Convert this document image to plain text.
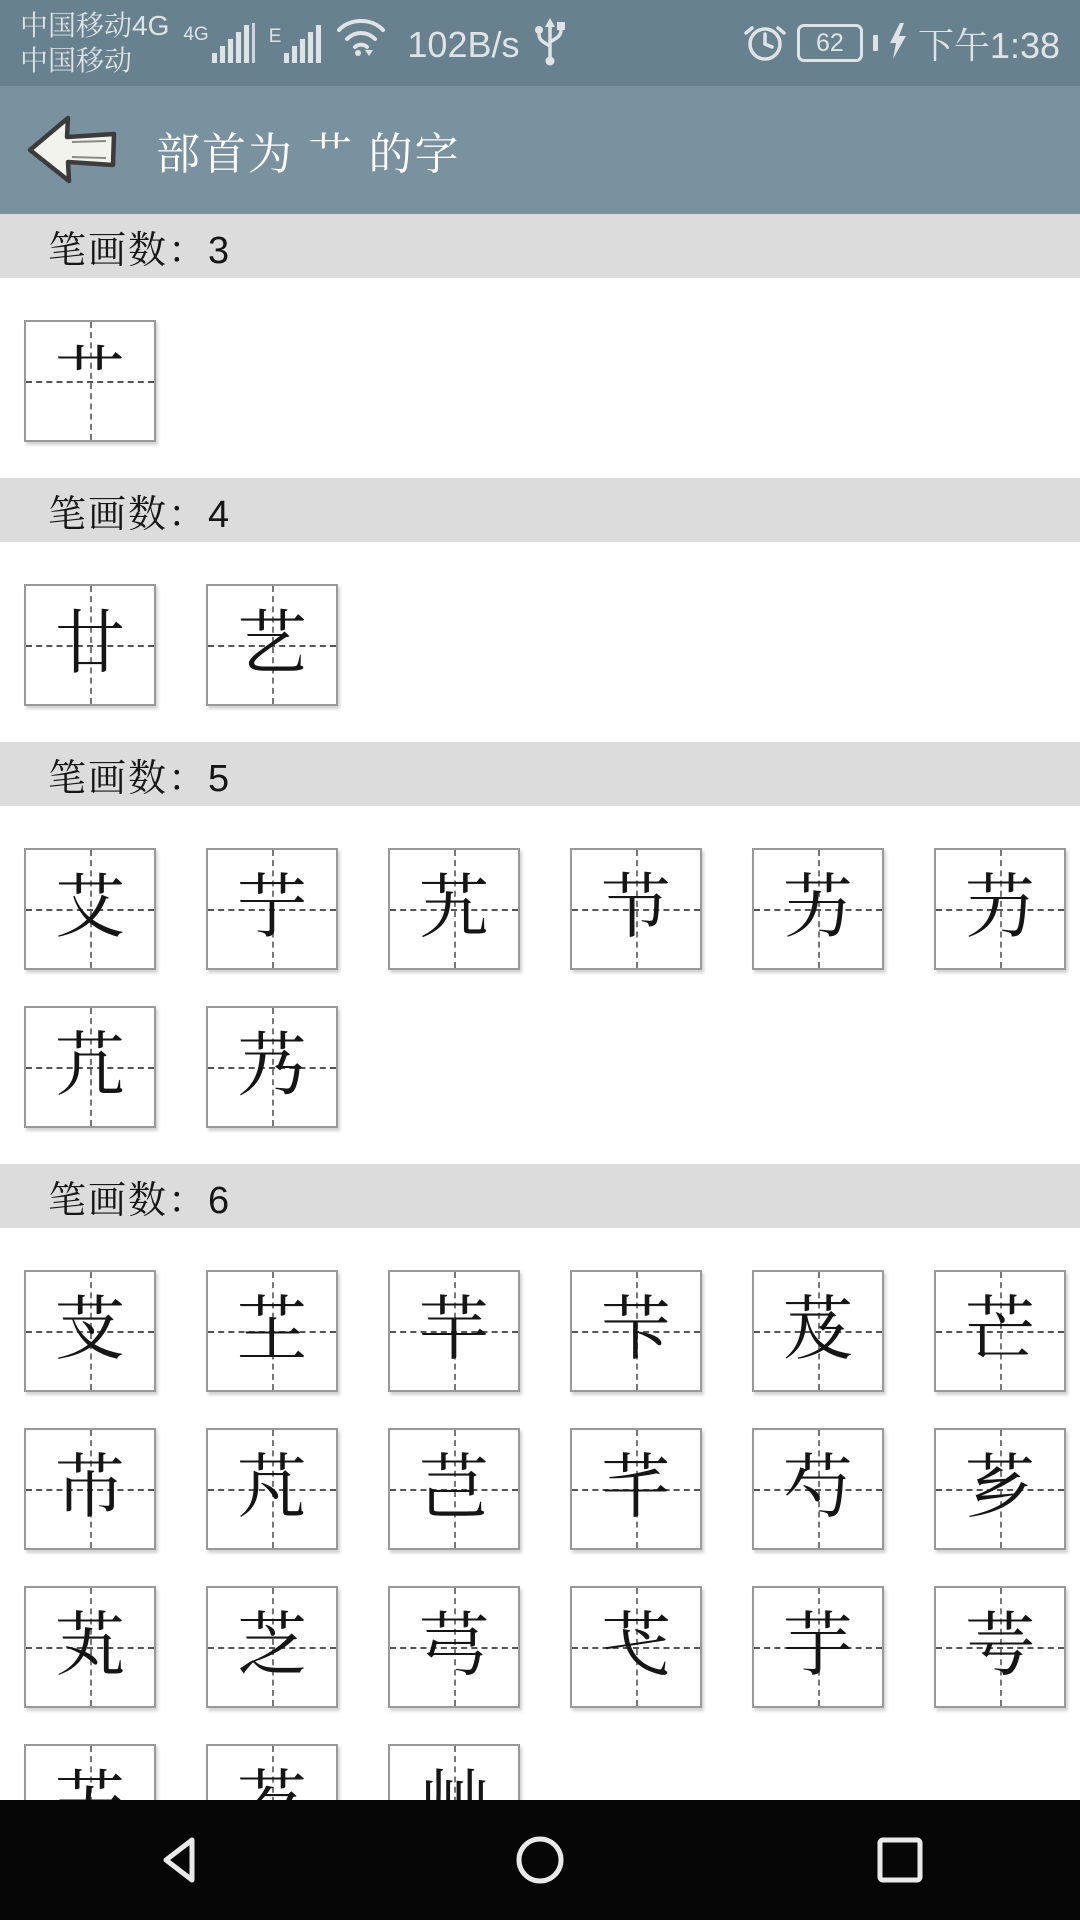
中国移动4G
中国移动
4G	E	102B/s	62 下午1:38
部首为 艹 的字
笔画数：3
艹
笔画数：4
廿 艺
笔画数：5
艾 艼 艽 节 艻 芀
芁 艿
笔画数：6
芆 芏 芉 芐 芨 芒
芇 芃 芑 芊 芍 芗
芄 芝 芎 芅 芋 芌
